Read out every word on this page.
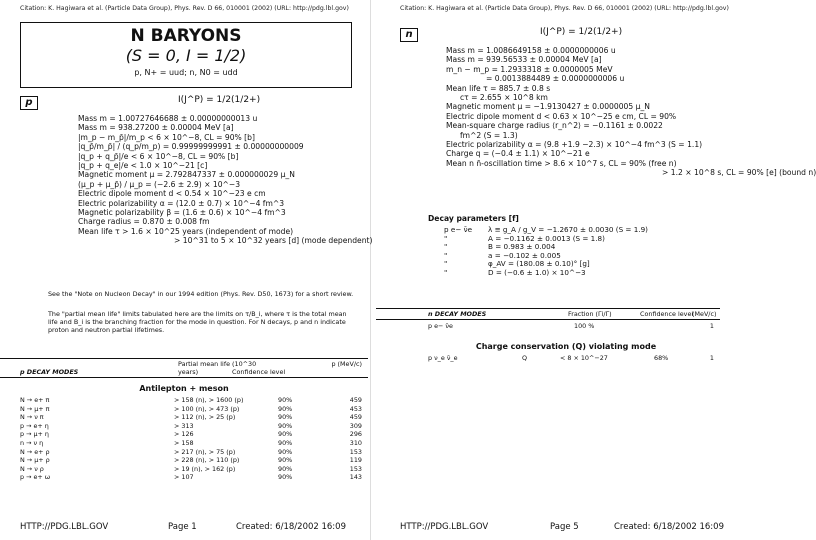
Citation: K. Hagiwara et al. (Particle Data Group), Phys. Rev. D 66, 010001 (2002) (URL: http://pdg.lbl.gov)
N BARYONS
(S = 0, I = 1/2)
p, N+ = uud; n, N0 = udd
p	I(J^P) = 1/2(1/2+)
Mass m = 1.00727646688 ± 0.00000000013 u
Mass m = 938.27200 ± 0.00004 MeV [a]
|m_p − m_p̄|/m_p < 6 × 10^−8, CL = 90% [b]
|q_p̄/m_p̄| / (q_p/m_p) = 0.99999999991 ± 0.00000000009
|q_p + q_p̄|/e < 6 × 10^−8, CL = 90% [b]
|q_p + q_e|/e < 1.0 × 10^−21 [c]
Magnetic moment μ = 2.792847337 ± 0.000000029 μ_N
(μ_p + μ_p̄) / μ_p = (−2.6 ± 2.9) × 10^−3
Electric dipole moment d < 0.54 × 10^−23 e cm
Electric polarizability α = (12.0 ± 0.7) × 10^−4 fm^3
Magnetic polarizability β = (1.6 ± 0.6) × 10^−4 fm^3
Charge radius = 0.870 ± 0.008 fm
Mean life τ > 1.6 × 10^25 years (independent of mode)
> 10^31 to 5 × 10^32 years [d] (mode dependent)
See the "Note on Nucleon Decay" in our 1994 edition (Phys. Rev. D50, 1673) for a short review.
The "partial mean life" limits tabulated here are the limits on τ/B_i, where τ is the total mean life and B_i is the branching fraction for the mode in question. For N decays, p and n indicate proton and neutron partial lifetimes.
p DECAY MODES
Partial mean life (10^30 years)	Confidence level
p (MeV/c)
Antilepton + meson
N → e+ π	> 158 (n), > 1600 (p)	90%	459
N → μ+ π	> 100 (n), > 473 (p)	90%	453
N → ν π	> 112 (n), > 25 (p)	90%	459
p → e+ η	> 313	90%	309
p → μ+ η	> 126	90%	296
n → ν η	> 158	90%	310
N → e+ ρ	> 217 (n), > 75 (p)	90%	153
N → μ+ ρ	> 228 (n), > 110 (p)	90%	119
N → ν ρ	> 19 (n), > 162 (p)	90%	153
p → e+ ω	> 107	90%	143
HTTP://PDG.LBL.GOV	Page 1	Created: 6/18/2002 16:09
Citation: K. Hagiwara et al. (Particle Data Group), Phys. Rev. D 66, 010001 (2002) (URL: http://pdg.lbl.gov)
n	I(J^P) = 1/2(1/2+)
Mass m = 1.0086649158 ± 0.0000000006 u
Mass m = 939.56533 ± 0.00004 MeV [a]
m_n − m_p = 1.2933318 ± 0.0000005 MeV
= 0.0013884489 ± 0.0000000006 u
Mean life τ = 885.7 ± 0.8 s
cτ = 2.655 × 10^8 km
Magnetic moment μ = −1.9130427 ± 0.0000005 μ_N
Electric dipole moment d < 0.63 × 10^−25 e cm, CL = 90%
Mean-square charge radius ⟨r_n^2⟩ = −0.1161 ± 0.0022
fm^2 (S = 1.3)
Electric polarizability α = (9.8 +1.9 −2.3) × 10^−4 fm^3 (S = 1.1)
Charge q = (−0.4 ± 1.1) × 10^−21 e
Mean n n̄-oscillation time > 8.6 × 10^7 s, CL = 90% (free n)
> 1.2 × 10^8 s, CL = 90% [e] (bound n)
Decay parameters [f]
p e− ν̄e	λ ≡ g_A / g_V = −1.2670 ± 0.0030 (S = 1.9)
"	A = −0.1162 ± 0.0013 (S = 1.8)
"	B = 0.983 ± 0.004
"	a = −0.102 ± 0.005
"	φ_AV = (180.08 ± 0.10)° [g]
"	D = (−0.6 ± 1.0) × 10^−3
n DECAY MODES	Fraction (Γi/Γ)	Confidence level
(MeV/c)
p e− ν̄e	100 %		1
Charge conservation (Q) violating mode
p ν_e ν̄_e	Q	< 8 × 10^−27	68%	1
HTTP://PDG.LBL.GOV	Page 5	Created: 6/18/2002 16:09
